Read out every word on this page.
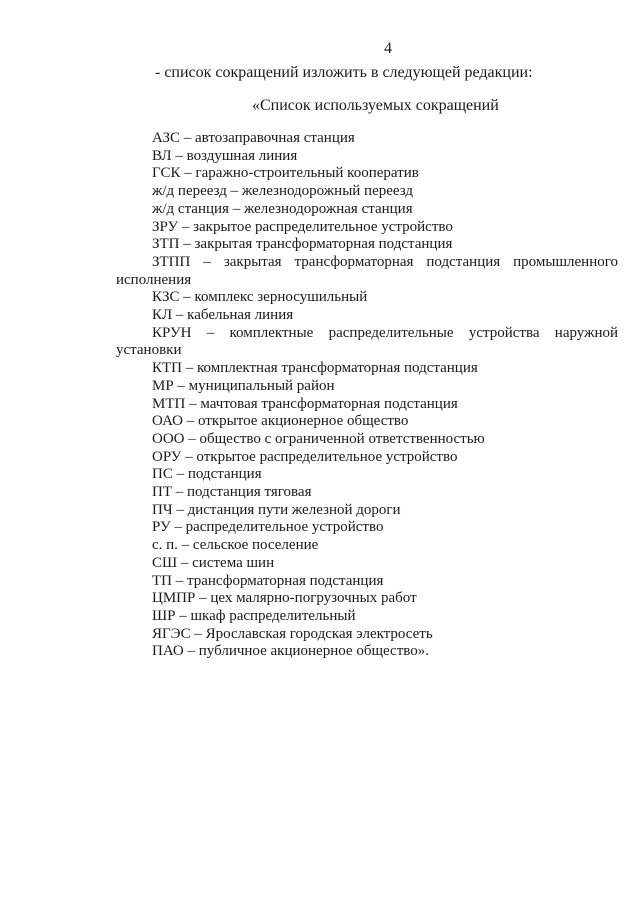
4
- список сокращений изложить в следующей редакции:
«Список используемых сокращений
АЗС – автозаправочная станция
ВЛ – воздушная линия
ГСК – гаражно-строительный кооператив
ж/д переезд – железнодорожный переезд
ж/д станция – железнодорожная станция
ЗРУ – закрытое распределительное устройство
ЗТП – закрытая трансформаторная подстанция
ЗТПП – закрытая трансформаторная подстанция промышленного
исполнения
КЗС – комплекс зерносушильный
КЛ – кабельная линия
КРУН – комплектные распределительные устройства наружной
установки
КТП – комплектная трансформаторная подстанция
МР – муниципальный район
МТП – мачтовая трансформаторная подстанция
ОАО – открытое акционерное общество
ООО – общество с ограниченной ответственностью
ОРУ – открытое распределительное устройство
ПС – подстанция
ПТ – подстанция тяговая
ПЧ – дистанция пути железной дороги
РУ – распределительное устройство
с. п. – сельское поселение
СШ – система шин
ТП – трансформаторная подстанция
ЦМПР – цех малярно-погрузочных работ
ШР – шкаф распределительный
ЯГЭС – Ярославская городская электросеть
ПАО – публичное акционерное общество».
